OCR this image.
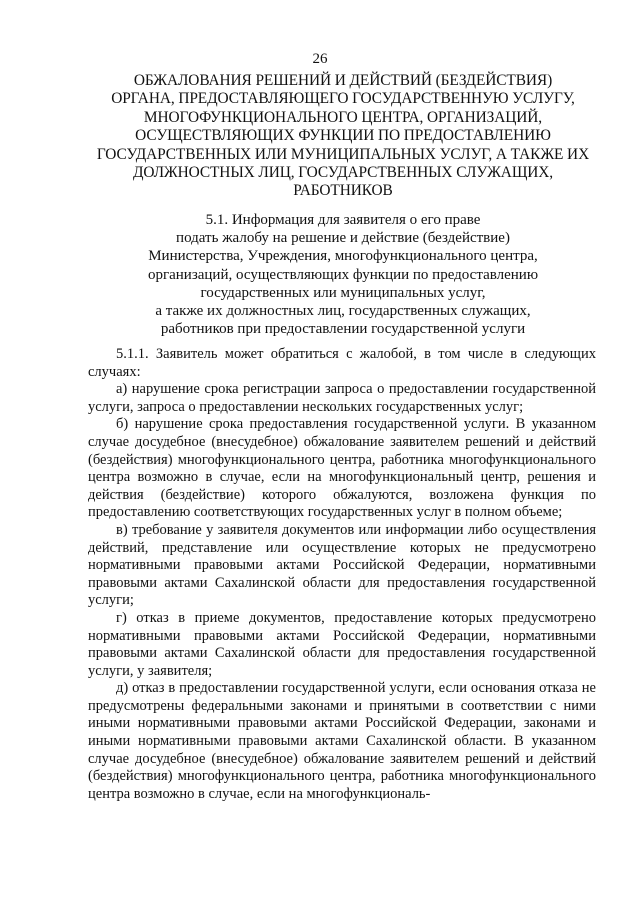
26
ОБЖАЛОВАНИЯ РЕШЕНИЙ И ДЕЙСТВИЙ (БЕЗДЕЙСТВИЯ)
ОРГАНА, ПРЕДОСТАВЛЯЮЩЕГО ГОСУДАРСТВЕННУЮ УСЛУГУ,
МНОГОФУНКЦИОНАЛЬНОГО ЦЕНТРА, ОРГАНИЗАЦИЙ,
ОСУЩЕСТВЛЯЮЩИХ ФУНКЦИИ ПО ПРЕДОСТАВЛЕНИЮ
ГОСУДАРСТВЕННЫХ ИЛИ МУНИЦИПАЛЬНЫХ УСЛУГ, А ТАКЖЕ ИХ
ДОЛЖНОСТНЫХ ЛИЦ, ГОСУДАРСТВЕННЫХ СЛУЖАЩИХ,
РАБОТНИКОВ
5.1. Информация для заявителя о его праве
подать жалобу на решение и действие (бездействие)
Министерства, Учреждения, многофункционального центра,
организаций, осуществляющих функции по предоставлению
государственных или муниципальных услуг,
а также их должностных лиц, государственных служащих,
работников при предоставлении государственной услуги

5.1.1. Заявитель может обратиться с жалобой, в том числе в следующих случаях:

а) нарушение срока регистрации запроса о предоставлении государственной услуги, запроса о предоставлении нескольких государственных услуг;

б) нарушение срока предоставления государственной услуги. В указанном случае досудебное (внесудебное) обжалование заявителем решений и действий (бездействия) многофункционального центра, работника многофункционального центра возможно в случае, если на многофункциональный центр, решения и действия (бездействие) которого обжалуются, возложена функция по предоставлению соответствующих государственных услуг в полном объеме;

в) требование у заявителя документов или информации либо осуществления действий, представление или осуществление которых не предусмотрено нормативными правовыми актами Российской Федерации, нормативными правовыми актами Сахалинской области для предоставления государственной услуги;

г) отказ в приеме документов, предоставление которых предусмотрено нормативными правовыми актами Российской Федерации, нормативными правовыми актами Сахалинской области для предоставления государственной услуги, у заявителя;

д) отказ в предоставлении государственной услуги, если основания отказа не предусмотрены федеральными законами и принятыми в соответствии с ними иными нормативными правовыми актами Российской Федерации, законами и иными нормативными правовыми актами Сахалинской области. В указанном случае досудебное (внесудебное) обжалование заявителем решений и действий (бездействия) многофункционального центра, работника многофункционального центра возможно в случае, если на многофункциональ-
